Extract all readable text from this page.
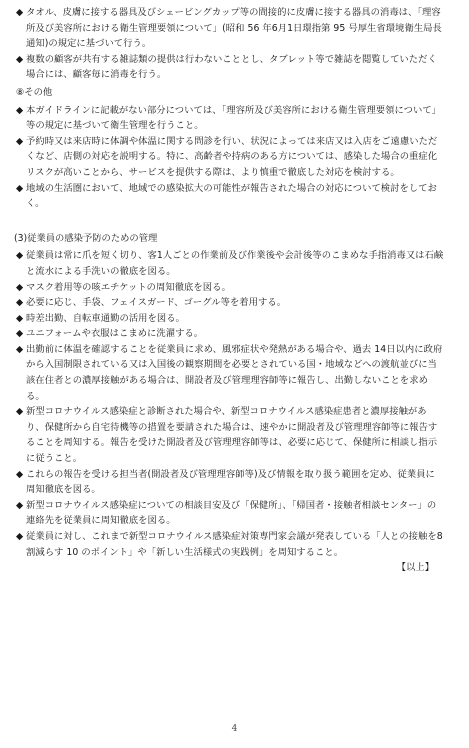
◆ タオル、皮膚に接する器具及びシェービングカップ等の間接的に皮膚に接する器具の消毒は、「理容所及び美容所における衛生管理要領について」(昭和 56 年6月1日環指第 95 号厚生省環境衛生局長通知)の規定に基づいて行う。
◆ 複数の顧客が共有する雑誌類の提供は行わないこととし、タブレット等で雑誌を閲覧していただく場合には、顧客毎に消毒を行う。
⑧その他
◆ 本ガイドラインに記載がない部分については、「理容所及び美容所における衛生管理要領について」等の規定に基づいて衛生管理を行うこと。
◆ 予約時又は来店時に体調や体温に関する問診を行い、状況によっては来店又は入店をご遠慮いただくなど、店側の対応を説明する。特に、高齢者や持病のある方については、感染した場合の重症化リスクが高いことから、サービスを提供する際は、より慎重で徹底した対応を検討する。
◆ 地域の生活圏において、地域での感染拡大の可能性が報告された場合の対応について検討をしておく。
(3)従業員の感染予防のための管理
◆ 従業員は常に爪を短く切り、客1人ごとの作業前及び作業後や会計後等のこまめな手指消毒又は石鹸と流水による手洗いの徹底を図る。
◆ マスク着用等の咳エチケットの周知徹底を図る。
◆ 必要に応じ、手袋、フェイスガード、ゴーグル等を着用する。
◆ 時差出勤、自転車通勤の活用を図る。
◆ ユニフォームや衣服はこまめに洗濯する。
◆ 出勤前に体温を確認することを従業員に求め、風邪症状や発熱がある場合や、過去 14日以内に政府から入国制限されている又は入国後の観察期間を必要とされている国・地域などへの渡航並びに当該在住者との濃厚接触がある場合は、開設者及び管理理容師等に報告し、出勤しないことを求める。
◆ 新型コロナウイルス感染症と診断された場合や、新型コロナウイルス感染症患者と濃厚接触があり、保健所から自宅待機等の措置を要請された場合は、速やかに開設者及び管理理容師等に報告することを周知する。報告を受けた開設者及び管理理容師等は、必要に応じて、保健所に相談し指示に従うこと。
◆ これらの報告を受ける担当者(開設者及び管理理容師等)及び情報を取り扱う範囲を定め、従業員に周知徹底を図る。
◆ 新型コロナウイルス感染症についての相談目安及び「保健所」、「帰国者・接触者相談センター」の連絡先を従業員に周知徹底を図る。
◆ 従業員に対し、これまで新型コロナウイルス感染症対策専門家会議が発表している「人との接触を8割減らす 10 のポイント」や「新しい生活様式の実践例」を周知すること。
【以上】
4
